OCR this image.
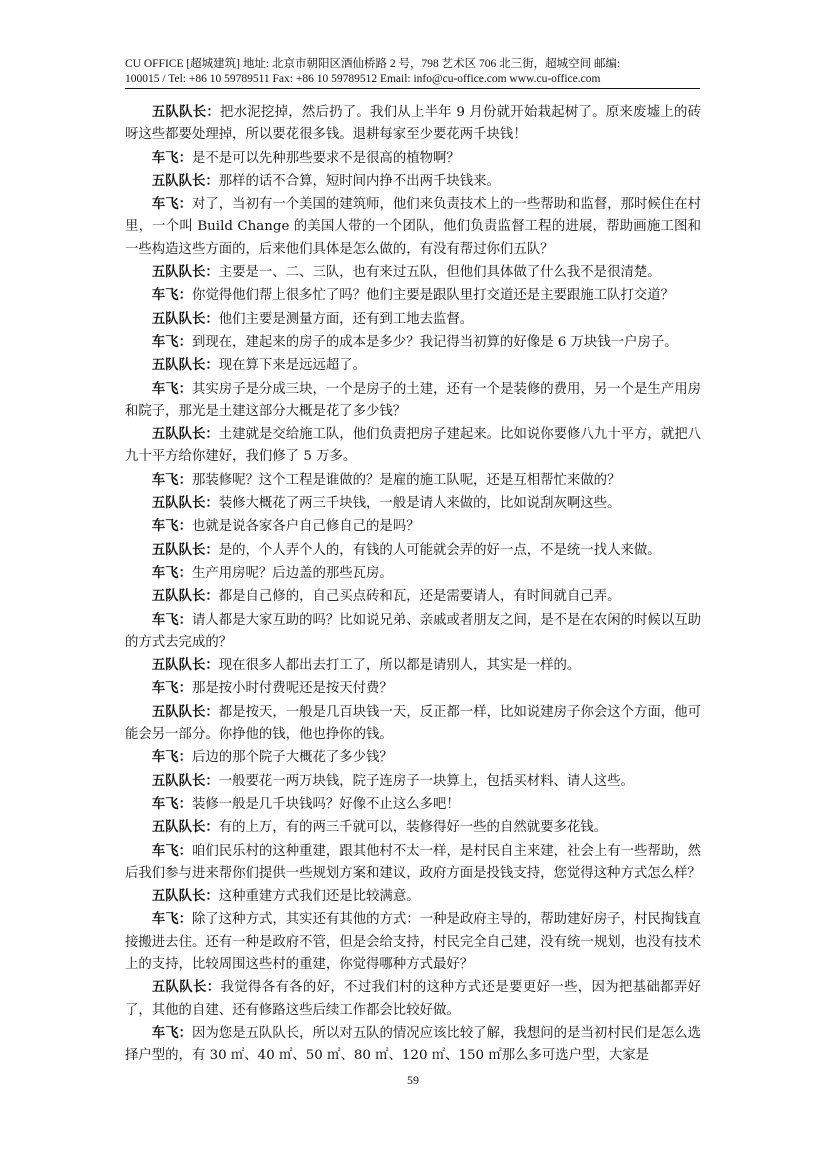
CU OFFICE [超城建筑] 地址: 北京市朝阳区酒仙桥路 2 号，798 艺术区 706 北三街，超城空间 邮编:
100015 / Tel: +86 10 59789511 Fax: +86 10 59789512 Email: info@cu-office.com www.cu-office.com

五队队长：把水泥挖掉，然后扔了。我们从上半年 9 月份就开始栽起树了。原来废墟上的砖呀这些都要处理掉，所以要花很多钱。退耕每家至少要花两千块钱！

车飞：是不是可以先种那些要求不是很高的植物啊？

五队队长：那样的话不合算，短时间内挣不出两千块钱来。

车飞：对了，当初有一个美国的建筑师，他们来负责技术上的一些帮助和监督，那时候住在村里，一个叫 Build Change 的美国人带的一个团队，他们负责监督工程的进展，帮助画施工图和一些构造这些方面的，后来他们具体是怎么做的，有没有帮过你们五队？

五队队长：主要是一、二、三队，也有来过五队，但他们具体做了什么我不是很清楚。

车飞：你觉得他们帮上很多忙了吗？他们主要是跟队里打交道还是主要跟施工队打交道？

五队队长：他们主要是测量方面，还有到工地去监督。

车飞：到现在，建起来的房子的成本是多少？我记得当初算的好像是 6 万块钱一户房子。

五队队长：现在算下来是远远超了。

车飞：其实房子是分成三块，一个是房子的土建，还有一个是装修的费用，另一个是生产用房和院子，那光是土建这部分大概是花了多少钱？

五队队长：土建就是交给施工队，他们负责把房子建起来。比如说你要修八九十平方，就把八九十平方给你建好，我们修了 5 万多。

车飞：那装修呢？这个工程是谁做的？是雇的施工队呢，还是互相帮忙来做的？

五队队长：装修大概花了两三千块钱，一般是请人来做的，比如说刮灰啊这些。

车飞：也就是说各家各户自己修自己的是吗？

五队队长：是的，个人弄个人的，有钱的人可能就会弄的好一点，不是统一找人来做。

车飞：生产用房呢？后边盖的那些瓦房。

五队队长：都是自己修的，自己买点砖和瓦，还是需要请人，有时间就自己弄。

车飞：请人都是大家互助的吗？比如说兄弟、亲戚或者朋友之间，是不是在农闲的时候以互助的方式去完成的？

五队队长：现在很多人都出去打工了，所以都是请别人，其实是一样的。

车飞：那是按小时付费呢还是按天付费？

五队队长：都是按天，一般是几百块钱一天，反正都一样，比如说建房子你会这个方面，他可能会另一部分。你挣他的钱，他也挣你的钱。

车飞：后边的那个院子大概花了多少钱？

五队队长：一般要花一两万块钱，院子连房子一块算上，包括买材料、请人这些。

车飞：装修一般是几千块钱吗？好像不止这么多吧！

五队队长：有的上万，有的两三千就可以，装修得好一些的自然就要多花钱。

车飞：咱们民乐村的这种重建，跟其他村不太一样，是村民自主来建，社会上有一些帮助，然后我们参与进来帮你们提供一些规划方案和建议，政府方面是投钱支持，您觉得这种方式怎么样？

五队队长：这种重建方式我们还是比较满意。

车飞：除了这种方式，其实还有其他的方式：一种是政府主导的，帮助建好房子，村民掏钱直接搬进去住。还有一种是政府不管，但是会给支持，村民完全自己建，没有统一规划，也没有技术上的支持，比较周围这些村的重建，你觉得哪种方式最好？

五队队长：我觉得各有各的好，不过我们村的这种方式还是要更好一些，因为把基础都弄好了，其他的自建、还有修路这些后续工作都会比较好做。

车飞：因为您是五队队长，所以对五队的情况应该比较了解，我想问的是当初村民们是怎么选择户型的，有 30 ㎡、40 ㎡、50 ㎡、80 ㎡、120 ㎡、150 ㎡那么多可选户型，大家是

59
